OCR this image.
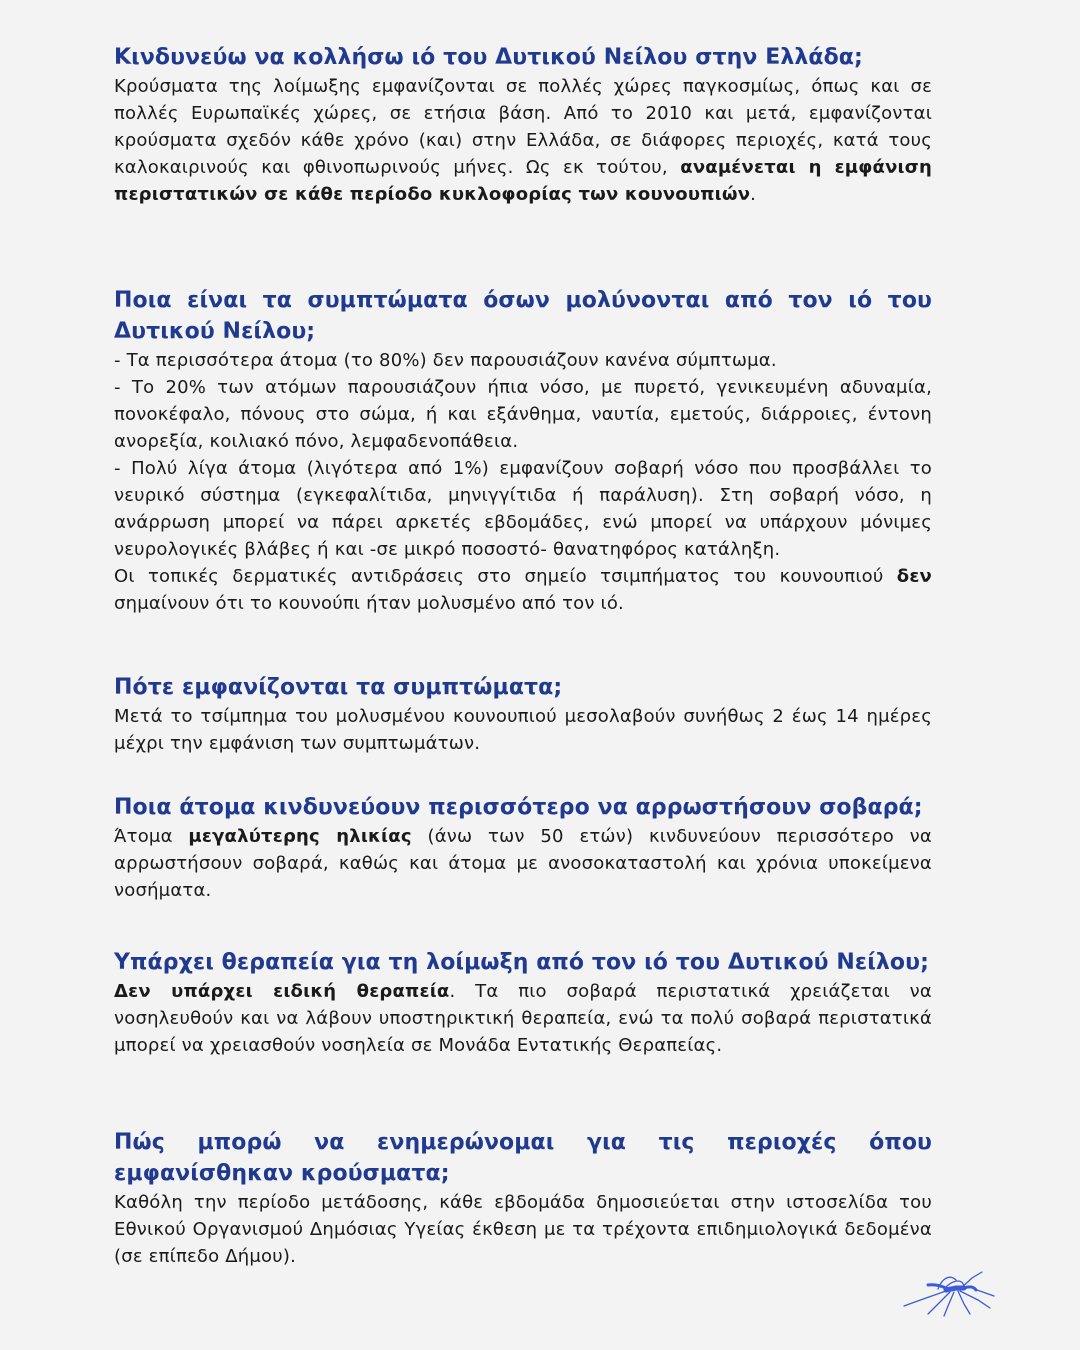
Κινδυνεύω να κολλήσω ιό του Δυτικού Νείλου στην Ελλάδα;

Κρούσματα της λοίμωξης εμφανίζονται σε πολλές χώρες παγκοσμίως, όπως και σε πολλές Ευρωπαϊκές χώρες, σε ετήσια βάση. Από το 2010 και μετά, εμφανίζονται κρούσματα σχεδόν κάθε χρόνο (και) στην Ελλάδα, σε διάφορες περιοχές, κατά τους καλοκαιρινούς και φθινοπωρινούς μήνες. Ως εκ τούτου, αναμένεται η εμφάνιση περιστατικών σε κάθε περίοδο κυκλοφορίας των κουνουπιών.

Ποια είναι τα συμπτώματα όσων μολύνονται από τον ιό του Δυτικού Νείλου;

- Τα περισσότερα άτομα (το 80%) δεν παρουσιάζουν κανένα σύμπτωμα.

- Το 20% των ατόμων παρουσιάζουν ήπια νόσο, με πυρετό, γενικευμένη αδυναμία, πονοκέφαλο, πόνους στο σώμα, ή και εξάνθημα, ναυτία, εμετούς, διάρροιες, έντονη ανορεξία, κοιλιακό πόνο, λεμφαδενοπάθεια.

- Πολύ λίγα άτομα (λιγότερα από 1%) εμφανίζουν σοβαρή νόσο που προσβάλλει το νευρικό σύστημα (εγκεφαλίτιδα, μηνιγγίτιδα ή παράλυση). Στη σοβαρή νόσο, η ανάρρωση μπορεί να πάρει αρκετές εβδομάδες, ενώ μπορεί να υπάρχουν μόνιμες νευρολογικές βλάβες ή και -σε μικρό ποσοστό- θανατηφόρος κατάληξη.

Οι τοπικές δερματικές αντιδράσεις στο σημείο τσιμπήματος του κουνουπιού δεν σημαίνουν ότι το κουνούπι ήταν μολυσμένο από τον ιό.

Πότε εμφανίζονται τα συμπτώματα;

Μετά το τσίμπημα του μολυσμένου κουνουπιού μεσολαβούν συνήθως 2 έως 14 ημέρες μέχρι την εμφάνιση των συμπτωμάτων.

Ποια άτομα κινδυνεύουν περισσότερο να αρρωστήσουν σοβαρά;

Άτομα μεγαλύτερης ηλικίας (άνω των 50 ετών) κινδυνεύουν περισσότερο να αρρωστήσουν σοβαρά, καθώς και άτομα με ανοσοκαταστολή και χρόνια υποκείμενα νοσήματα.

Υπάρχει θεραπεία για τη λοίμωξη από τον ιό του Δυτικού Νείλου;

Δεν υπάρχει ειδική θεραπεία. Τα πιο σοβαρά περιστατικά χρειάζεται να νοσηλευθούν και να λάβουν υποστηρικτική θεραπεία, ενώ τα πολύ σοβαρά περιστατικά μπορεί να χρειασθούν νοσηλεία σε Μονάδα Εντατικής Θεραπείας.

Πώς μπορώ να ενημερώνομαι για τις περιοχές όπου εμφανίσθηκαν κρούσματα;

Καθόλη την περίοδο μετάδοσης, κάθε εβδομάδα δημοσιεύεται στην ιστοσελίδα του Εθνικού Οργανισμού Δημόσιας Υγείας έκθεση με τα τρέχοντα επιδημιολογικά δεδομένα (σε επίπεδο Δήμου).
